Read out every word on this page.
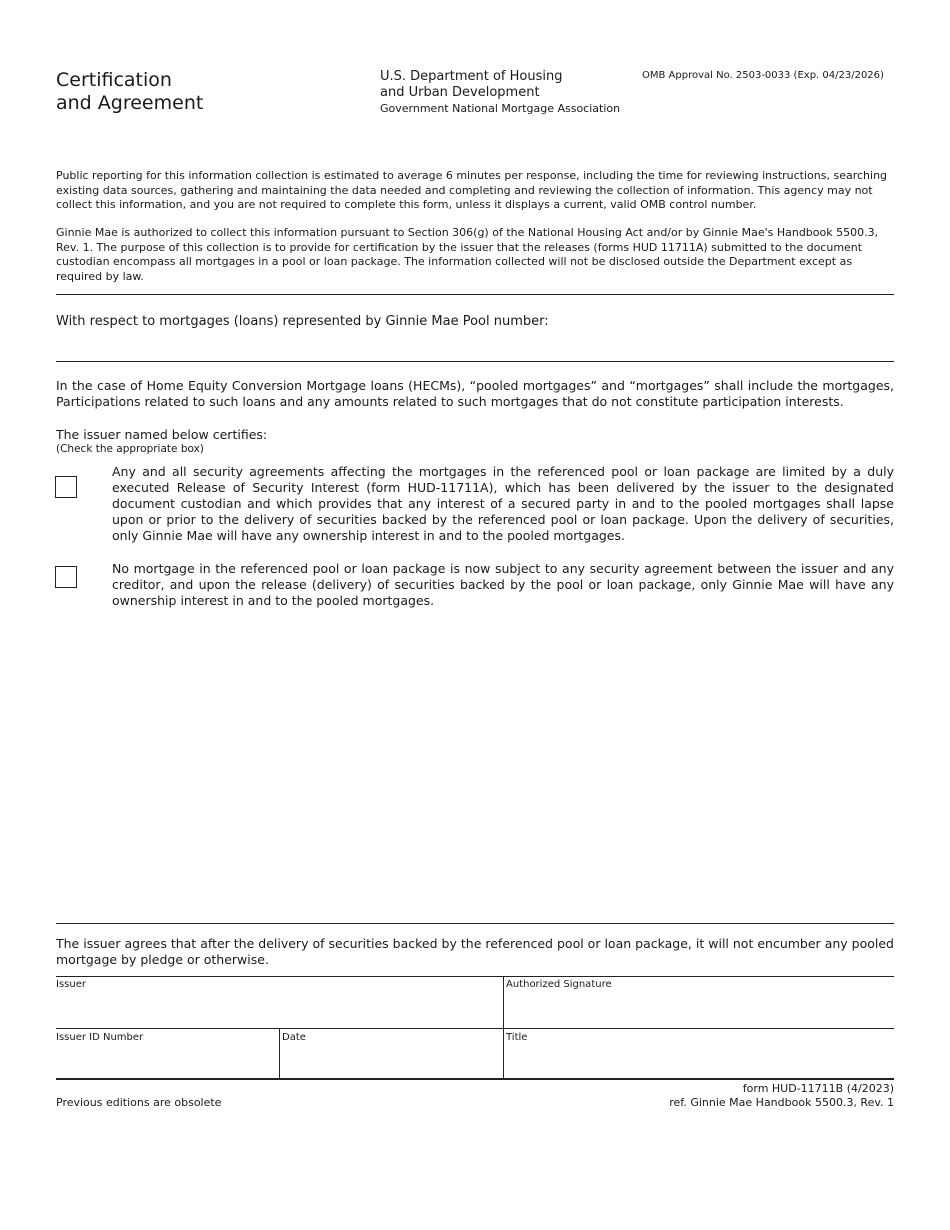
Certification
and Agreement
U.S. Department of Housing
and Urban Development
Government National Mortgage Association
OMB Approval No. 2503-0033 (Exp. 04/23/2026)
Public reporting for this information collection is estimated to average 6 minutes per response, including the time for reviewing instructions, searching existing data sources, gathering and maintaining the data needed and completing and reviewing the collection of information. This agency may not collect this information, and you are not required to complete this form, unless it displays a current, valid OMB control number.
Ginnie Mae is authorized to collect this information pursuant to Section 306(g) of the National Housing Act and/or by Ginnie Mae's Handbook 5500.3, Rev. 1. The purpose of this collection is to provide for certification by the issuer that the releases (forms HUD 11711A) submitted to the document custodian encompass all mortgages in a pool or loan package. The information collected will not be disclosed outside the Department except as required by law.
With respect to mortgages (loans) represented by Ginnie Mae Pool number:
In the case of Home Equity Conversion Mortgage loans (HECMs), “pooled mortgages” and “mortgages” shall include the mortgages, Participations related to such loans and any amounts related to such mortgages that do not constitute participation interests.
The issuer named below certifies:
(Check the appropriate box)
Any and all security agreements affecting the mortgages in the referenced pool or loan package are limited by a duly executed Release of Security Interest (form HUD-11711A), which has been delivered by the issuer to the designated document custodian and which provides that any interest of a secured party in and to the pooled mortgages shall lapse upon or prior to the delivery of securities backed by the referenced pool or loan package. Upon the delivery of securities, only Ginnie Mae will have any ownership interest in and to the pooled mortgages.
No mortgage in the referenced pool or loan package is now subject to any security agreement between the issuer and any creditor, and upon the release (delivery) of securities backed by the pool or loan package, only Ginnie Mae will have any ownership interest in and to the pooled mortgages.
The issuer agrees that after the delivery of securities backed by the referenced pool or loan package, it will not encumber any pooled mortgage by pledge or otherwise.
Issuer	Authorized Signature
Issuer ID Number	Date	Title
Previous editions are obsolete
form HUD-11711B (4/2023)
ref. Ginnie Mae Handbook 5500.3, Rev. 1
